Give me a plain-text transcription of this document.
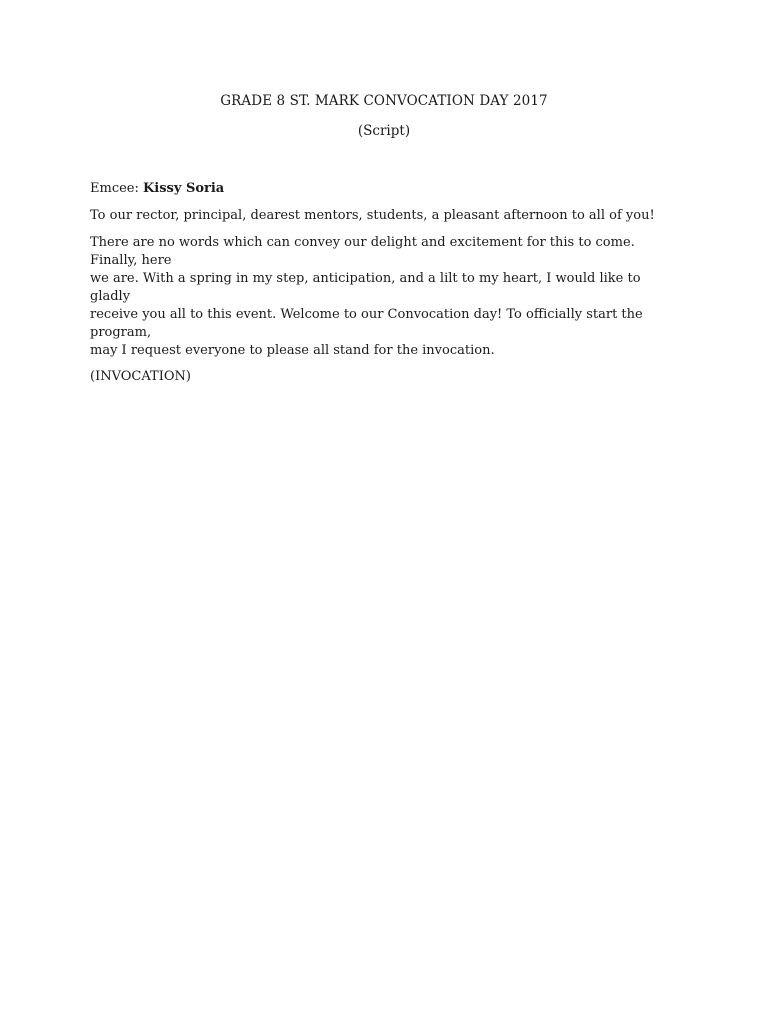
GRADE 8 ST. MARK CONVOCATION DAY 2017
(Script)

Emcee: Kissy Soria

To our rector, principal, dearest mentors, students, a pleasant afternoon to all of you!

There are no words which can convey our delight and excitement for this to come. Finally, here

we are. With a spring in my step, anticipation, and a lilt to my heart, I would like to gladly

receive you all to this event. Welcome to our Convocation day! To officially start the program,

may I request everyone to please all stand for the invocation.

(INVOCATION)
